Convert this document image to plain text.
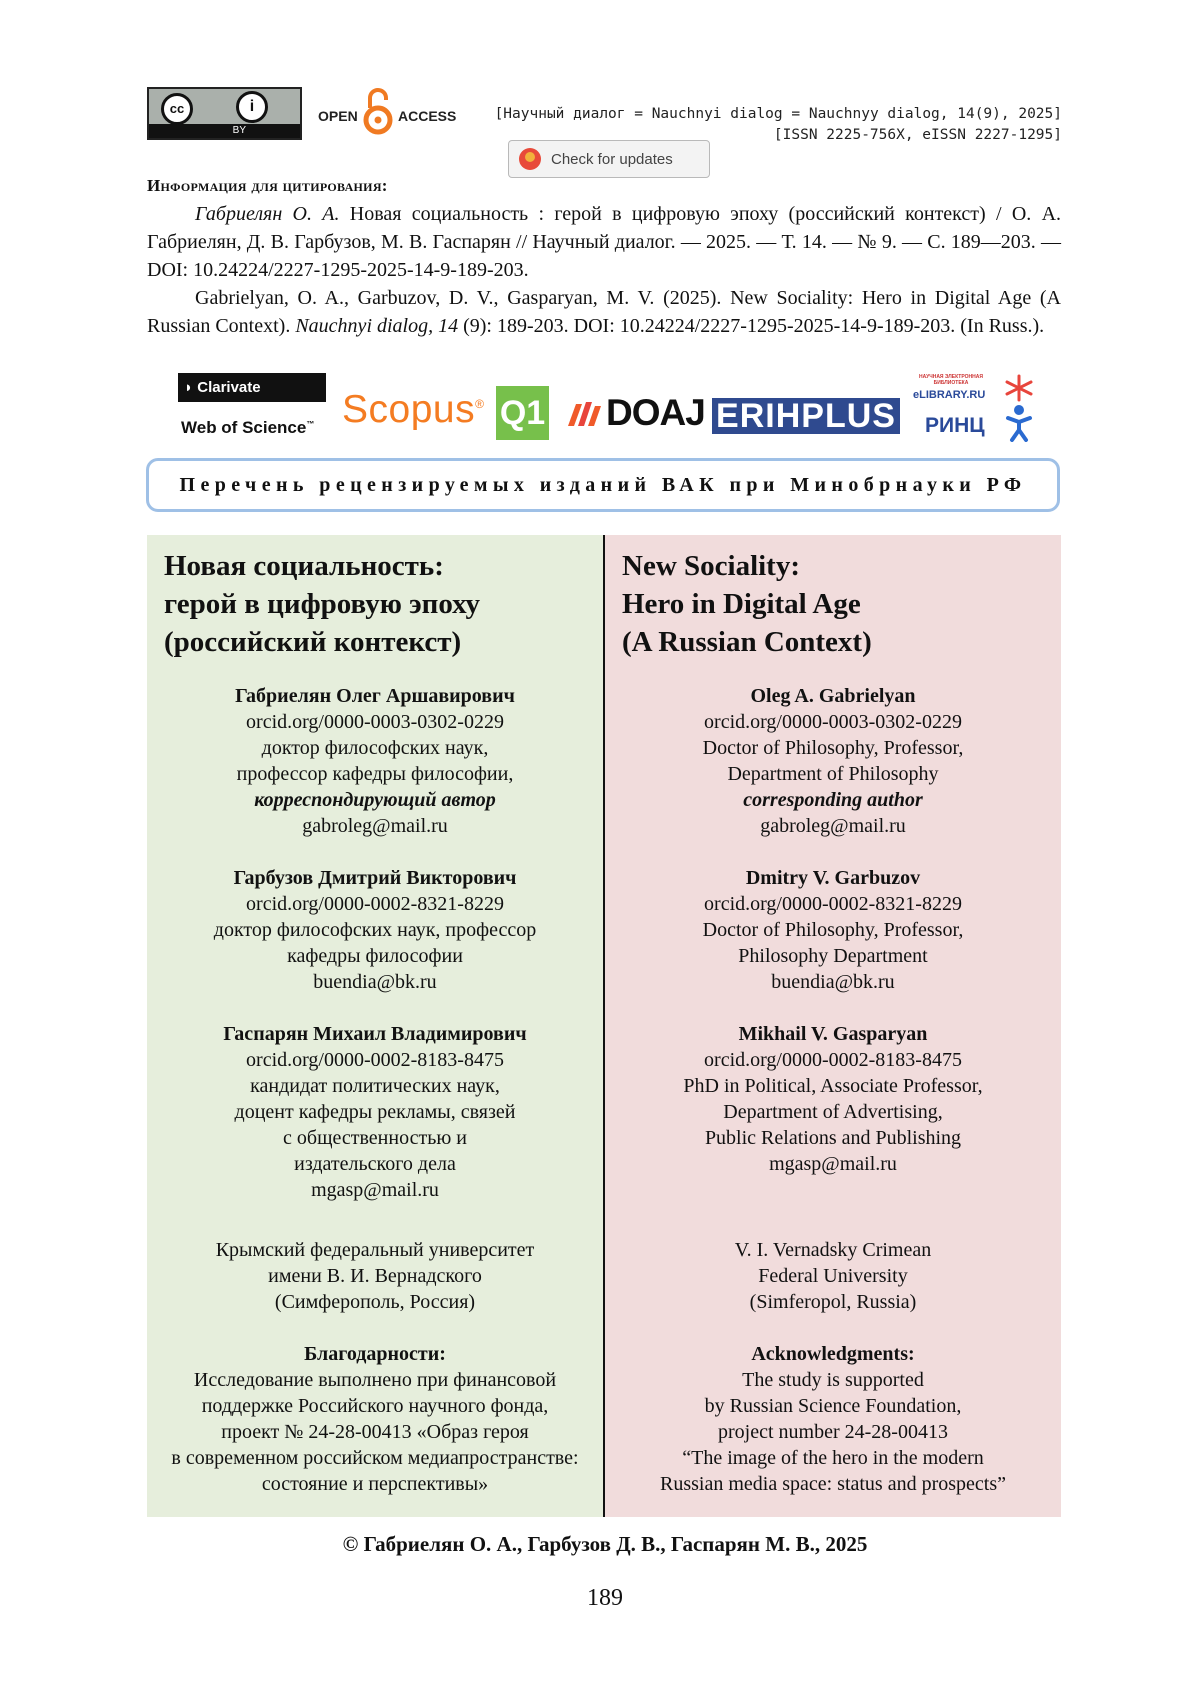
cc	i
BY
OPEN	ACCESS	[Научный диалог = Nauchnyi dialog = Nauchnyy dialog, 14(9), 2025]
[ISSN 2225-756X, eISSN 2227-1295]
Check for updates
Информация для цитирования:
Габриелян О. А. Новая социальность : герой в цифровую эпоху (российский контекст) / О. А. Габриелян, Д. В. Гарбузов, М. В. Гаспарян // Научный диалог. — 2025. — Т. 14. — № 9. — С. 189—203. — DOI: 10.24224/2227-1295-2025-14-9-189-203.
Gabrielyan, O. A., Garbuzov, D. V., Gasparyan, M. V. (2025). New Sociality: Hero in Digital Age (A Russian Context). Nauchnyi dialog, 14 (9): 189-203. DOI: 10.24224/2227-1295-2025-14-9-189-203. (In Russ.).
◗ Clarivate
Web of Science™ Scopus® Q1 DOAJ ERIHPLUS
НАУЧНАЯ ЭЛЕКТРОННАЯ БИБЛИОТЕКА
eLIBRARY.RU
РИНЦ
Перечень рецензируемых изданий ВАК при Минобрнауки РФ
Новая социальность:
герой в цифровую эпоху
(российский контекст)
Габриелян Олег Аршавирович
orcid.org/0000-0003-0302-0229
доктор философских наук,
профессор кафедры философии,
корреспондирующий автор
gabroleg@mail.ru
Гарбузов Дмитрий Викторович
orcid.org/0000-0002-8321-8229
доктор философских наук, профессор
кафедры философии
buendia@bk.ru
Гаспарян Михаил Владимирович
orcid.org/0000-0002-8183-8475
кандидат политических наук,
доцент кафедры рекламы, связей
с общественностью и
издательского дела
mgasp@mail.ru
Крымский федеральный университет
имени В. И. Вернадского
(Симферополь, Россия)
Благодарности:
Исследование выполнено при финансовой
поддержке Российского научного фонда,
проект № 24-28-00413 «Образ героя
в современном российском медиапространстве:
состояние и перспективы»
New Sociality:
Hero in Digital Age
(A Russian Context)
Oleg A. Gabrielyan
orcid.org/0000-0003-0302-0229
Doctor of Philosophy, Professor,
Department of Philosophy
corresponding author
gabroleg@mail.ru
Dmitry V. Garbuzov
orcid.org/0000-0002-8321-8229
Doctor of Philosophy, Professor,
Philosophy Department
buendia@bk.ru
Mikhail V. Gasparyan
orcid.org/0000-0002-8183-8475
PhD in Political, Associate Professor,
Department of Advertising,
Public Relations and Publishing
mgasp@mail.ru
V. I. Vernadsky Crimean
Federal University
(Simferopol, Russia)
Acknowledgments:
The study is supported
by Russian Science Foundation,
project number 24-28-00413
“The image of the hero in the modern
Russian media space: status and prospects”
© Габриелян О. А., Гарбузов Д. В., Гаспарян М. В., 2025
189
